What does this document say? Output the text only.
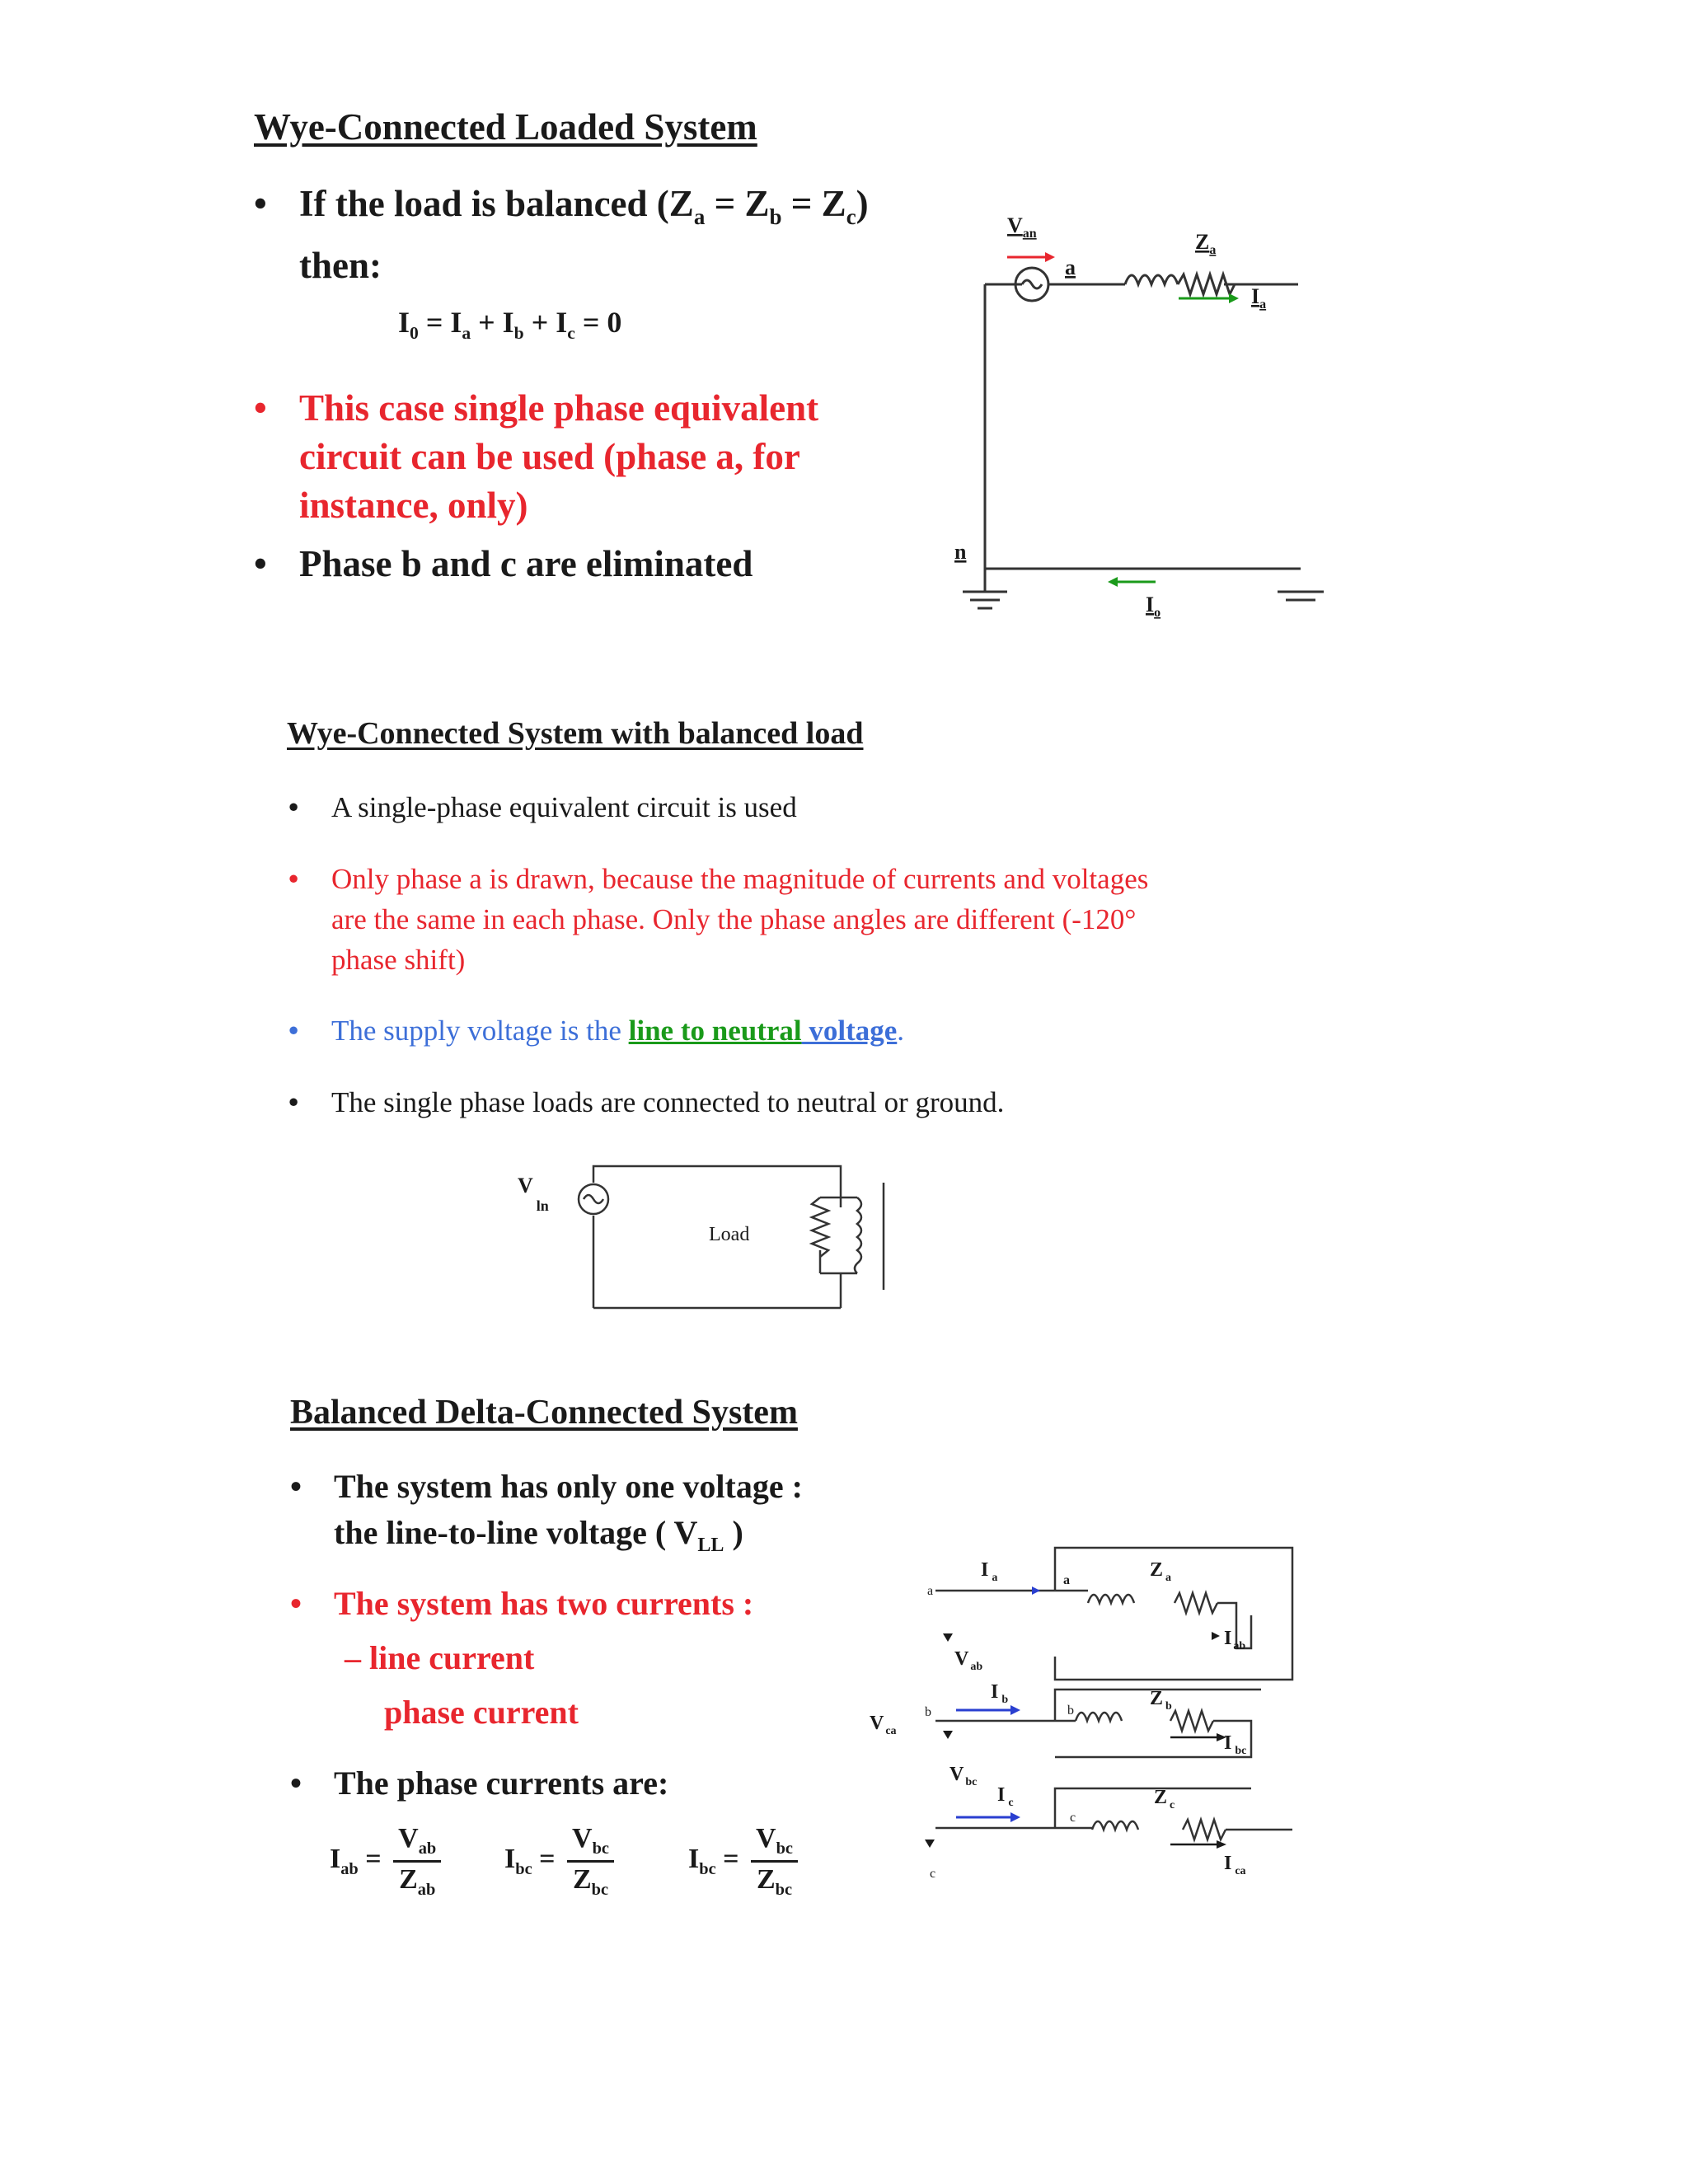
Wye-Connected Loaded System
• If the load is balanced $(Z_a = Z_b = Z_c)$
then:
$I_0 = I_a + I_b + I_c = 0$
• This case single phase equivalent
circuit can be used (phase a, for
instance, only)
• Phase b and c are eliminated
$V_{an}$
a
$Z_a$
$I_a$
n
$I_o$
Wye-Connected System with balanced load
• A single-phase equivalent circuit is used
• Only phase a is drawn, because the magnitude of currents and voltages
are the same in each phase. Only the phase angles are different (-120°
phase shift)
• The supply voltage is the line to neutral voltage.
• The single phase loads are connected to neutral or ground.
$V_{ln}$
Load
Balanced Delta-Connected System
• The system has only one voltage :
the line-to-line voltage ( $V_{LL}$ )
• The system has two currents :
– line current
phase current
• The phase currents are:
$I_{ab} = \frac{V_{ab}}{Z_{ab}} I_{bc} = \frac{V_{bc}}{Z_{bc}}$	$I_{bc} = \frac{V_{bc}}{Z_{bc}}$
I $_a$	Z $_a$
I $_{ab}$
V $_{ab}$
I $_b$	Z $_b$
I $_{bc}$
V $_{ca}$
V $_{bc}$
I $_c$	Z $_c$
I $_{ca}$
a
a
b	b
c
c
